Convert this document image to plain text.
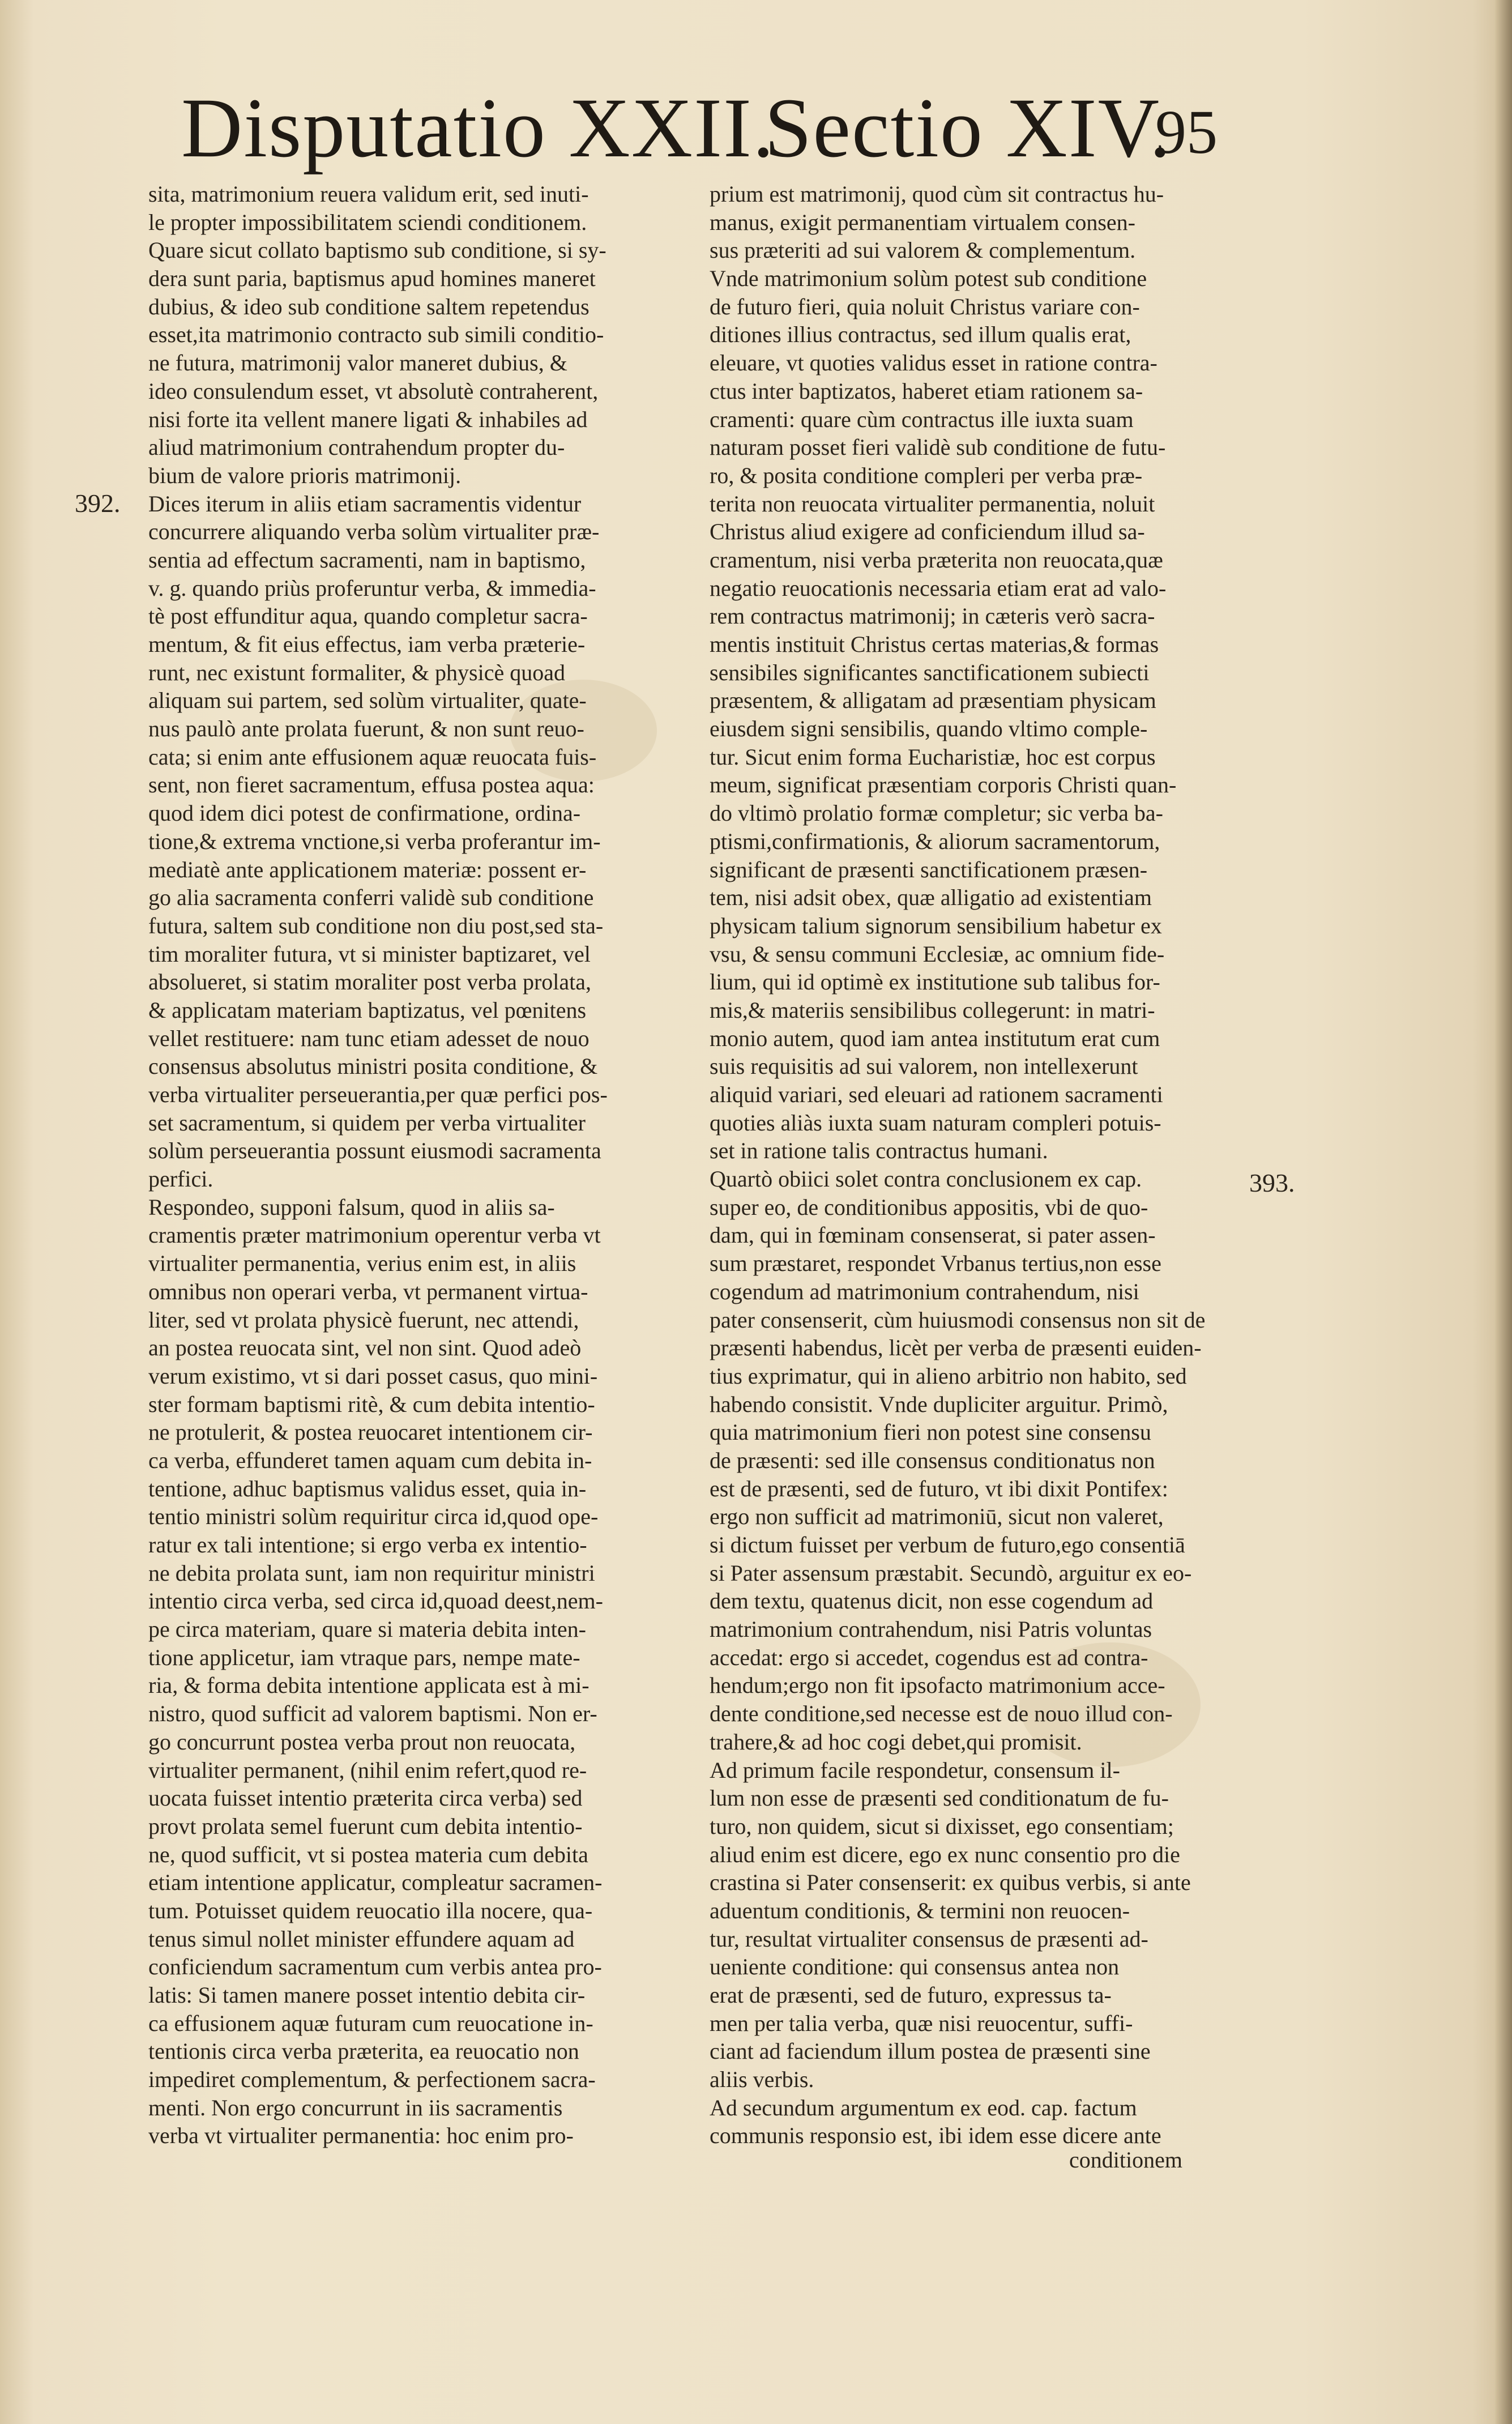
Disputatio XXII.
Sectio XIV.
95
392.
393.
sita, matrimonium reuera validum erit, sed inuti-
le propter impossibilitatem sciendi conditionem.
Quare sicut collato baptismo sub conditione, si sy-
dera sunt paria, baptismus apud homines maneret
dubius, & ideo sub conditione saltem repetendus
esset,ita matrimonio contracto sub simili conditio-
ne futura, matrimonij valor maneret dubius, &
ideo consulendum esset, vt absolutè contraherent,
nisi forte ita vellent manere ligati & inhabiles ad
aliud matrimonium contrahendum propter du-
bium de valore prioris matrimonij.
Dices iterum in aliis etiam sacramentis videntur
concurrere aliquando verba solùm virtualiter præ-
sentia ad effectum sacramenti, nam in baptismo,
v. g. quando priùs proferuntur verba, & immedia-
tè post effunditur aqua, quando completur sacra-
mentum, & fit eius effectus, iam verba præterie-
runt, nec existunt formaliter, & physicè quoad
aliquam sui partem, sed solùm virtualiter, quate-
nus paulò ante prolata fuerunt, & non sunt reuo-
cata; si enim ante effusionem aquæ reuocata fuis-
sent, non fieret sacramentum, effusa postea aqua:
quod idem dici potest de confirmatione, ordina-
tione,& extrema vnctione,si verba proferantur im-
mediatè ante applicationem materiæ: possent er-
go alia sacramenta conferri validè sub conditione
futura, saltem sub conditione non diu post,sed sta-
tim moraliter futura, vt si minister baptizaret, vel
absolueret, si statim moraliter post verba prolata,
& applicatam materiam baptizatus, vel pœnitens
vellet restituere: nam tunc etiam adesset de nouo
consensus absolutus ministri posita conditione, &
verba virtualiter perseuerantia,per quæ perfici pos-
set sacramentum, si quidem per verba virtualiter
solùm perseuerantia possunt eiusmodi sacramenta
perfici.
Respondeo, supponi falsum, quod in aliis sa-
cramentis præter matrimonium operentur verba vt
virtualiter permanentia, verius enim est, in aliis
omnibus non operari verba, vt permanent virtua-
liter, sed vt prolata physicè fuerunt, nec attendi,
an postea reuocata sint, vel non sint. Quod adeò
verum existimo, vt si dari posset casus, quo mini-
ster formam baptismi ritè, & cum debita intentio-
ne protulerit, & postea reuocaret intentionem cir-
ca verba, effunderet tamen aquam cum debita in-
tentione, adhuc baptismus validus esset, quia in-
tentio ministri solùm requiritur circa id,quod ope-
ratur ex tali intentione; si ergo verba ex intentio-
ne debita prolata sunt, iam non requiritur ministri
intentio circa verba, sed circa id,quoad deest,nem-
pe circa materiam, quare si materia debita inten-
tione applicetur, iam vtraque pars, nempe mate-
ria, & forma debita intentione applicata est à mi-
nistro, quod sufficit ad valorem baptismi. Non er-
go concurrunt postea verba prout non reuocata,
virtualiter permanent, (nihil enim refert,quod re-
uocata fuisset intentio præterita circa verba) sed
provt prolata semel fuerunt cum debita intentio-
ne, quod sufficit, vt si postea materia cum debita
etiam intentione applicatur, compleatur sacramen-
tum. Potuisset quidem reuocatio illa nocere, qua-
tenus simul nollet minister effundere aquam ad
conficiendum sacramentum cum verbis antea pro-
latis: Si tamen manere posset intentio debita cir-
ca effusionem aquæ futuram cum reuocatione in-
tentionis circa verba præterita, ea reuocatio non
impediret complementum, & perfectionem sacra-
menti. Non ergo concurrunt in iis sacramentis
verba vt virtualiter permanentia: hoc enim pro-
prium est matrimonij, quod cùm sit contractus hu-
manus, exigit permanentiam virtualem consen-
sus præteriti ad sui valorem & complementum.
Vnde matrimonium solùm potest sub conditione
de futuro fieri, quia noluit Christus variare con-
ditiones illius contractus, sed illum qualis erat,
eleuare, vt quoties validus esset in ratione contra-
ctus inter baptizatos, haberet etiam rationem sa-
cramenti: quare cùm contractus ille iuxta suam
naturam posset fieri validè sub conditione de futu-
ro, & posita conditione compleri per verba præ-
terita non reuocata virtualiter permanentia, noluit
Christus aliud exigere ad conficiendum illud sa-
cramentum, nisi verba præterita non reuocata,quæ
negatio reuocationis necessaria etiam erat ad valo-
rem contractus matrimonij; in cæteris verò sacra-
mentis instituit Christus certas materias,& formas
sensibiles significantes sanctificationem subiecti
præsentem, & alligatam ad præsentiam physicam
eiusdem signi sensibilis, quando vltimo comple-
tur. Sicut enim forma Eucharistiæ, hoc est corpus
meum, significat præsentiam corporis Christi quan-
do vltimò prolatio formæ completur; sic verba ba-
ptismi,confirmationis, & aliorum sacramentorum,
significant de præsenti sanctificationem præsen-
tem, nisi adsit obex, quæ alligatio ad existentiam
physicam talium signorum sensibilium habetur ex
vsu, & sensu communi Ecclesiæ, ac omnium fide-
lium, qui id optimè ex institutione sub talibus for-
mis,& materiis sensibilibus collegerunt: in matri-
monio autem, quod iam antea institutum erat cum
suis requisitis ad sui valorem, non intellexerunt
aliquid variari, sed eleuari ad rationem sacramenti
quoties aliàs iuxta suam naturam compleri potuis-
set in ratione talis contractus humani.
Quartò obiici solet contra conclusionem ex cap.
super eo, de conditionibus appositis, vbi de quo-
dam, qui in fœminam consenserat, si pater assen-
sum præstaret, respondet Vrbanus tertius,non esse
cogendum ad matrimonium contrahendum, nisi
pater consenserit, cùm huiusmodi consensus non sit de
præsenti habendus, licèt per verba de præsenti euiden-
tius exprimatur, qui in alieno arbitrio non habito, sed
habendo consistit. Vnde dupliciter arguitur. Primò,
quia matrimonium fieri non potest sine consensu
de præsenti: sed ille consensus conditionatus non
est de præsenti, sed de futuro, vt ibi dixit Pontifex:
ergo non sufficit ad matrimoniū, sicut non valeret,
si dictum fuisset per verbum de futuro,ego consentiā
si Pater assensum præstabit. Secundò, arguitur ex eo-
dem textu, quatenus dicit, non esse cogendum ad
matrimonium contrahendum, nisi Patris voluntas
accedat: ergo si accedet, cogendus est ad contra-
hendum;ergo non fit ipsofacto matrimonium acce-
dente conditione,sed necesse est de nouo illud con-
trahere,& ad hoc cogi debet,qui promisit.
Ad primum facile respondetur, consensum il-
lum non esse de præsenti sed conditionatum de fu-
turo, non quidem, sicut si dixisset, ego consentiam;
aliud enim est dicere, ego ex nunc consentio pro die
crastina si Pater consenserit: ex quibus verbis, si ante
aduentum conditionis, & termini non reuocen-
tur, resultat virtualiter consensus de præsenti ad-
ueniente conditione: qui consensus antea non
erat de præsenti, sed de futuro, expressus ta-
men per talia verba, quæ nisi reuocentur, suffi-
ciant ad faciendum illum postea de præsenti sine
aliis verbis.
Ad secundum argumentum ex eod. cap. factum
communis responsio est, ibi idem esse dicere ante
conditionem
